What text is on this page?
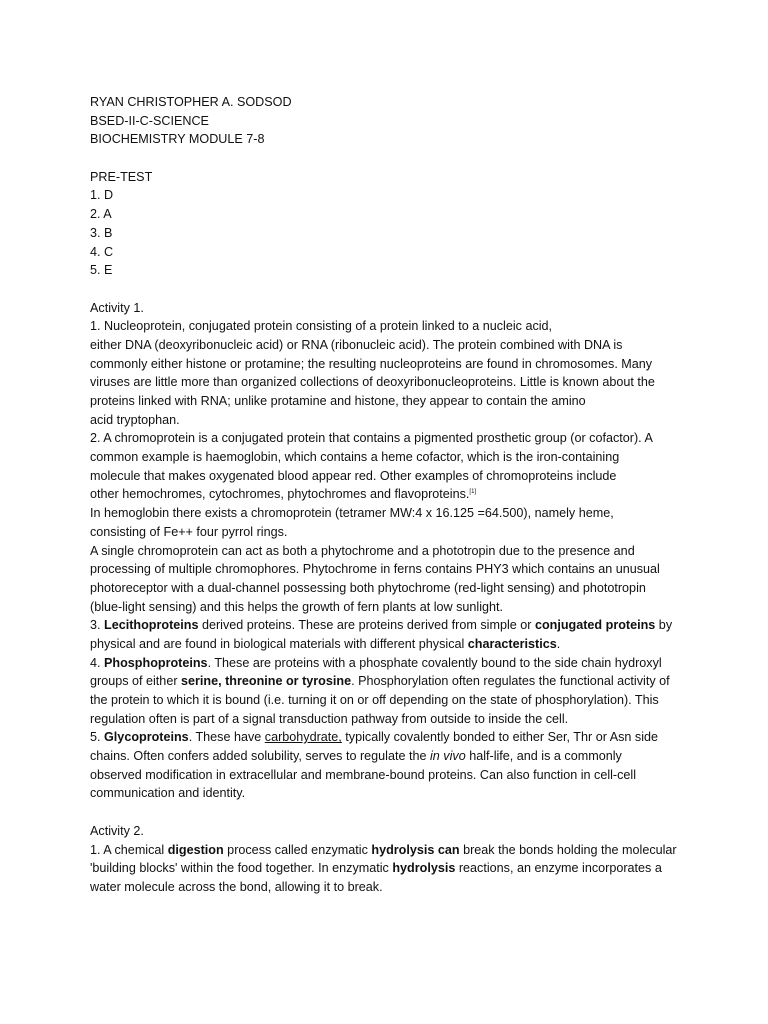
RYAN CHRISTOPHER A. SODSOD
BSED-II-C-SCIENCE
BIOCHEMISTRY MODULE 7-8
PRE-TEST
1. D
2. A
3. B
4. C
5. E
Activity 1.
1. Nucleoprotein, conjugated protein consisting of a protein linked to a nucleic acid,
either DNA (deoxyribonucleic acid) or RNA (ribonucleic acid). The protein combined with DNA is
commonly either histone or protamine; the resulting nucleoproteins are found in chromosomes. Many
viruses are little more than organized collections of deoxyribonucleoproteins. Little is known about the
proteins linked with RNA; unlike protamine and histone, they appear to contain the amino
acid tryptophan.
2. A chromoprotein is a conjugated protein that contains a pigmented prosthetic group (or cofactor). A
common example is haemoglobin, which contains a heme cofactor, which is the iron-containing
molecule that makes oxygenated blood appear red. Other examples of chromoproteins include
other hemochromes, cytochromes, phytochromes and flavoproteins.[1]
In hemoglobin there exists a chromoprotein (tetramer MW:4 x 16.125 =64.500), namely heme,
consisting of Fe++ four pyrrol rings.
A single chromoprotein can act as both a phytochrome and a phototropin due to the presence and
processing of multiple chromophores. Phytochrome in ferns contains PHY3 which contains an unusual
photoreceptor with a dual-channel possessing both phytochrome (red-light sensing) and phototropin
(blue-light sensing) and this helps the growth of fern plants at low sunlight.
3. Lecithoproteins derived proteins. These are proteins derived from simple or conjugated proteins by
physical and are found in biological materials with different physical characteristics.
4. Phosphoproteins. These are proteins with a phosphate covalently bound to the side chain hydroxyl
groups of either serine, threonine or tyrosine. Phosphorylation often regulates the functional activity of
the protein to which it is bound (i.e. turning it on or off depending on the state of phosphorylation). This
regulation often is part of a signal transduction pathway from outside to inside the cell.
5. Glycoproteins. These have carbohydrate, typically covalently bonded to either Ser, Thr or Asn side
chains. Often confers added solubility, serves to regulate the in vivo half-life, and is a commonly
observed modification in extracellular and membrane-bound proteins. Can also function in cell-cell
communication and identity.
Activity 2.
1. A chemical digestion process called enzymatic hydrolysis can break the bonds holding the molecular
'building blocks' within the food together. In enzymatic hydrolysis reactions, an enzyme incorporates a
water molecule across the bond, allowing it to break.
